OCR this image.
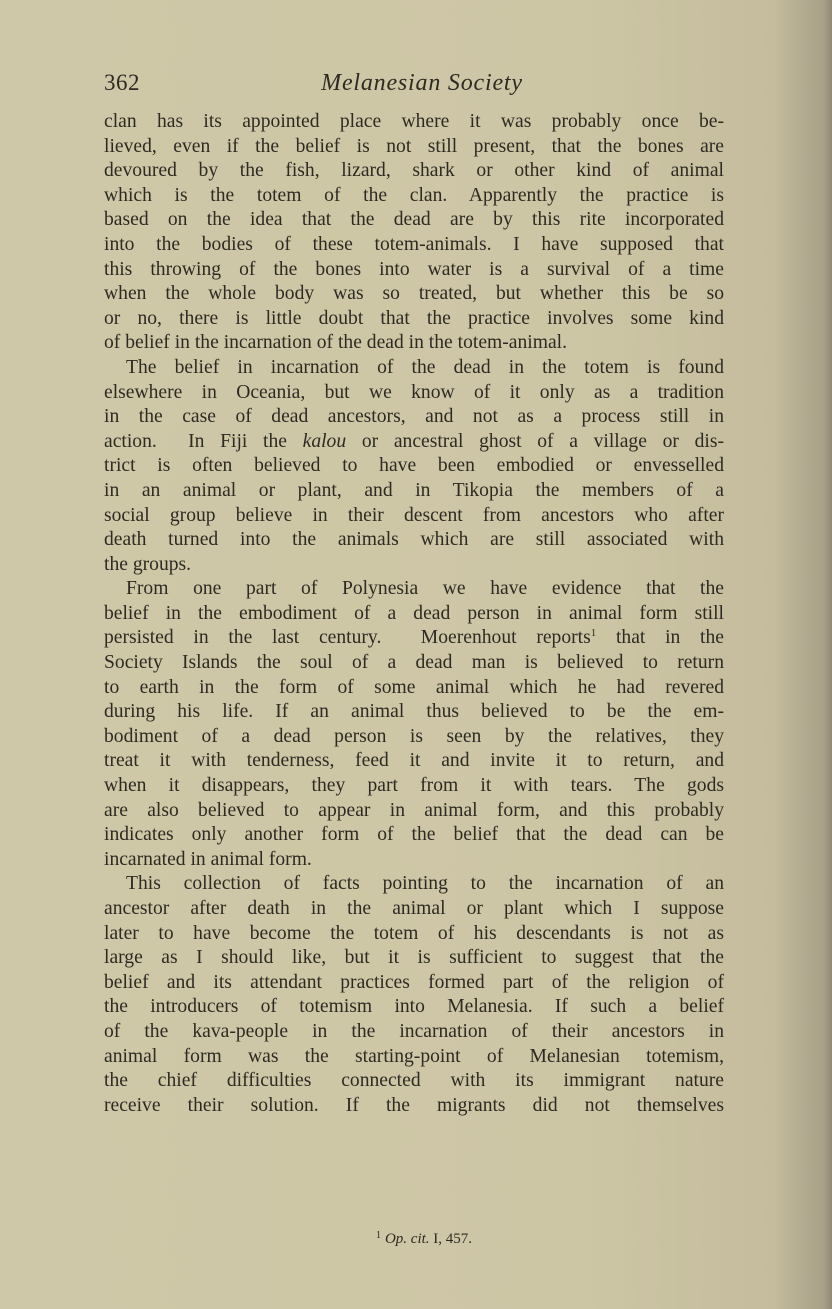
362	Melanesian Society
clan has its appointed place where it was probably once be-
lieved, even if the belief is not still present, that the bones are
devoured by the fish, lizard, shark or other kind of animal
which is the totem of the clan. Apparently the practice is
based on the idea that the dead are by this rite incorporated
into the bodies of these totem-animals. I have supposed that
this throwing of the bones into water is a survival of a time
when the whole body was so treated, but whether this be so
or no, there is little doubt that the practice involves some kind
of belief in the incarnation of the dead in the totem-animal.
The belief in incarnation of the dead in the totem is found
elsewhere in Oceania, but we know of it only as a tradition
in the case of dead ancestors, and not as a process still in
action.  In Fiji the kalou or ancestral ghost of a village or dis-
trict is often believed to have been embodied or envesselled
in an animal or plant, and in Tikopia the members of a
social group believe in their descent from ancestors who after
death turned into the animals which are still associated with
the groups.
From one part of Polynesia we have evidence that the
belief in the embodiment of a dead person in animal form still
persisted in the last century.  Moerenhout reports$^1$ that in the
Society Islands the soul of a dead man is believed to return
to earth in the form of some animal which he had revered
during his life. If an animal thus believed to be the em-
bodiment of a dead person is seen by the relatives, they
treat it with tenderness, feed it and invite it to return, and
when it disappears, they part from it with tears. The gods
are also believed to appear in animal form, and this probably
indicates only another form of the belief that the dead can be
incarnated in animal form.
This collection of facts pointing to the incarnation of an
ancestor after death in the animal or plant which I suppose
later to have become the totem of his descendants is not as
large as I should like, but it is sufficient to suggest that the
belief and its attendant practices formed part of the religion of
the introducers of totemism into Melanesia. If such a belief
of the kava-people in the incarnation of their ancestors in
animal form was the starting-point of Melanesian totemism,
the chief difficulties connected with its immigrant nature
receive their solution. If the migrants did not themselves
$^1$ Op. cit. I, 457.
